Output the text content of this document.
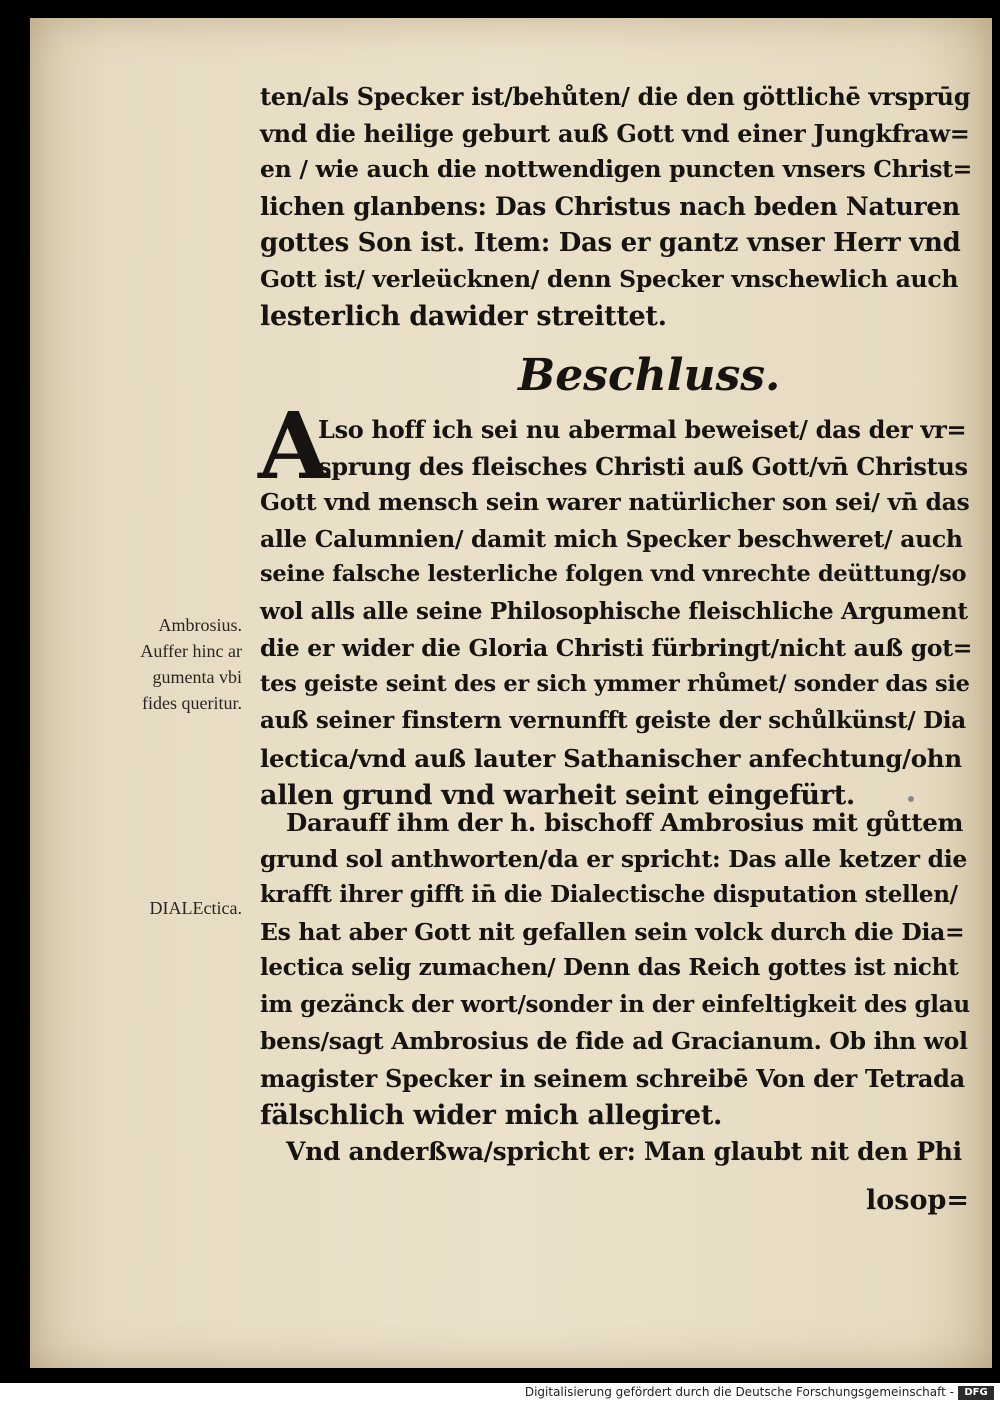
ten/als Specker ist/behůten/ die den göttlichē vrsprūg

vnd die heilige geburt auß Gott vnd einer Jungkfraw=

en / wie auch die nottwendigen puncten vnsers Christ=

lichen glanbens: Das Christus nach beden Naturen

gottes Son ist. Item: Das er gantz vnser Herr vnd

Gott ist/ verleücknen/ denn Specker vnschewlich auch

lesterlich dawider streittet.

Lso hoff ich sei nu abermal beweiset/ das der vr=

sprung des fleisches Christi auß Gott/vn̄ Christus

Gott vnd mensch sein warer natürlicher son sei/ vn̄ das

alle Calumnien/ damit mich Specker beschweret/ auch

seine falsche lesterliche folgen vnd vnrechte deüttung/so

wol alls alle seine Philosophische fleischliche Argument

die er wider die Gloria Christi fürbringt/nicht auß got=

tes geiste seint des er sich ymmer rhůmet/ sonder das sie

auß seiner finstern vernunfft geiste der schůlkünst/ Dia

lectica/vnd auß lauter Sathanischer anfechtung/ohn

allen grund vnd warheit seint eingefürt.

Darauff ihm der h. bischoff Ambrosius mit gůttem

grund sol anthworten/da er spricht: Das alle ketzer die

krafft ihrer gifft in̄ die Dialectische disputation stellen/

Es hat aber Gott nit gefallen sein volck durch die Dia=

lectica selig zumachen/ Denn das Reich gottes ist nicht

im gezänck der wort/sonder in der einfeltigkeit des glau

bens/sagt Ambrosius de fide ad Gracianum. Ob ihn wol

magister Specker in seinem schreibē Von der Tetrada

fälschlich wider mich allegiret.

Vnd anderßwa/spricht er: Man glaubt nit den Phi

Beschluss.
A
Ambrosius.
Auffer hinc ar
gumenta vbi
fides queritur.
DIALEctica.
losop=
Digitalisierung gefördert durch die Deutsche Forschungsgemeinschaft -	DFG
